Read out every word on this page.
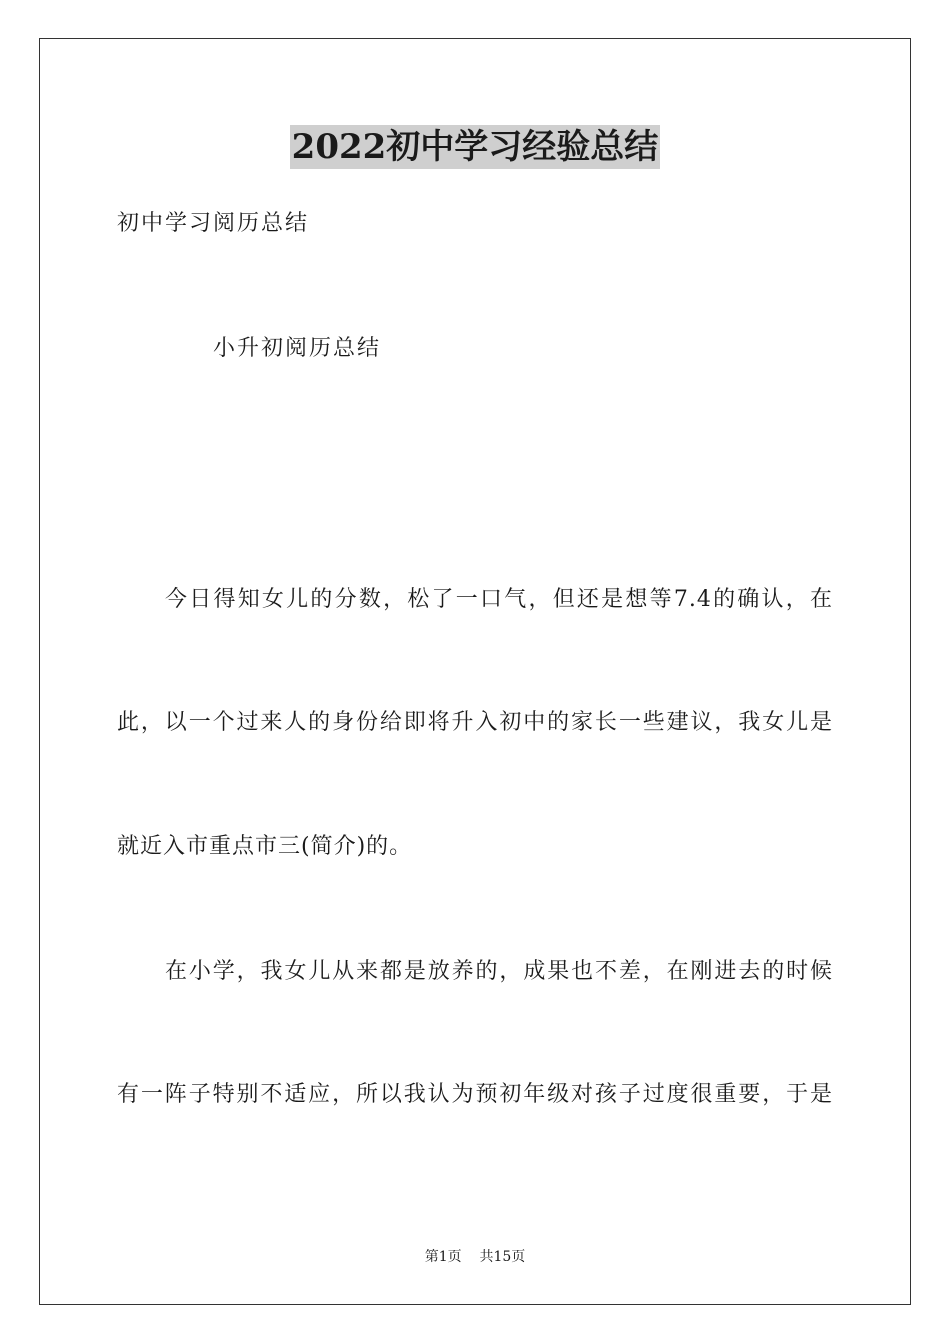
2022初中学习经验总结
初中学习阅历总结
小升初阅历总结
今日得知女儿的分数，松了一口气，但还是想等7.4的确认，在
此，以一个过来人的身份给即将升入初中的家长一些建议，我女儿是
就近入市重点市三(简介)的。
在小学，我女儿从来都是放养的，成果也不差，在刚进去的时候
有一阵子特别不适应，所以我认为预初年级对孩子过度很重要，于是
第1页 共15页
